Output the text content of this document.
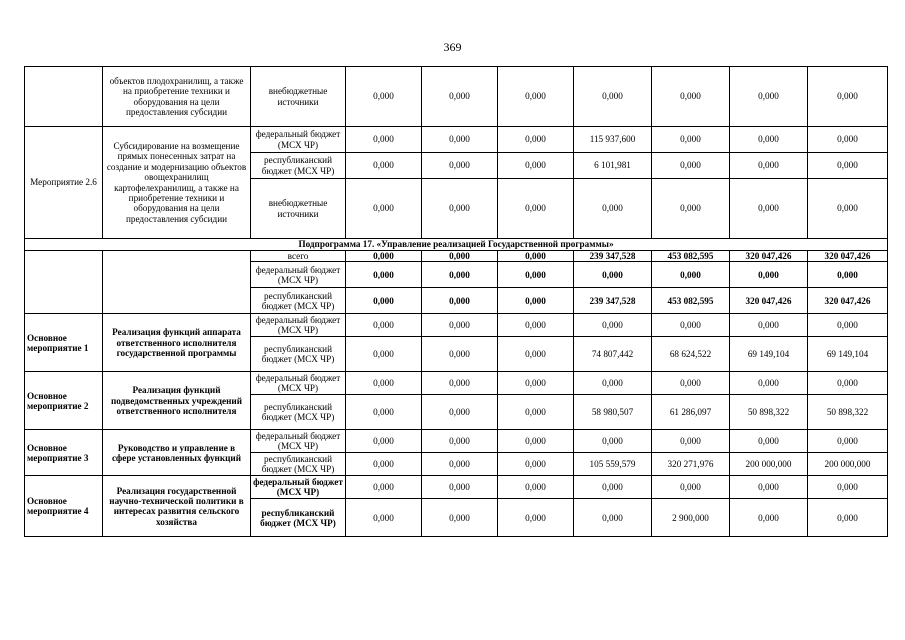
369
	объектов плодохранилищ, а также на приобретение техники и оборудования на цели предоставления субсидии	внебюджетные источники	0,000	0,000	0,000	0,000	0,000	0,000	0,000
Мероприятие 2.6	Субсидирование на возмещение прямых понесенных затрат на создание и модернизацию объектов овощехранилищ картофелехранилищ, а также на приобретение техники и оборудования на цели предоставления субсидии	федеральный бюджет (МСХ ЧР)	0,000	0,000	0,000	115 937,600	0,000	0,000	0,000
		республиканский бюджет (МСХ ЧР)	0,000	0,000	0,000	6 101,981	0,000	0,000	0,000
		внебюджетные источники	0,000	0,000	0,000	0,000	0,000	0,000	0,000
Подпрограмма 17. «Управление реализацией Государственной программы»									
		всего	0,000	0,000	0,000	239 347,528	453 082,595	320 047,426	320 047,426
		федеральный бюджет (МСХ ЧР)	0,000	0,000	0,000	0,000	0,000	0,000	0,000
		республиканский бюджет (МСХ ЧР)	0,000	0,000	0,000	239 347,528	453 082,595	320 047,426	320 047,426
Основное мероприятие 1	Реализация функций аппарата ответственного исполнителя государственной программы	федеральный бюджет (МСХ ЧР)	0,000	0,000	0,000	0,000	0,000	0,000	0,000
		республиканский бюджет (МСХ ЧР)	0,000	0,000	0,000	74 807,442	68 624,522	69 149,104	69 149,104
Основное мероприятие 2	Реализация функций подведомственных учреждений ответственного исполнителя	федеральный бюджет (МСХ ЧР)	0,000	0,000	0,000	0,000	0,000	0,000	0,000
		республиканский бюджет (МСХ ЧР)	0,000	0,000	0,000	58 980,507	61 286,097	50 898,322	50 898,322
Основное мероприятие 3	Руководство и управление в сфере установленных функций	федеральный бюджет (МСХ ЧР)	0,000	0,000	0,000	0,000	0,000	0,000	0,000
		республиканский бюджет (МСХ ЧР)	0,000	0,000	0,000	105 559,579	320 271,976	200 000,000	200 000,000
Основное мероприятие 4	Реализация государственной научно-технической политики в интересах развития сельского хозяйства	федеральный бюджет (МСХ ЧР)	0,000	0,000	0,000	0,000	0,000	0,000	0,000
		республиканский бюджет (МСХ ЧР)	0,000	0,000	0,000	0,000	2 900,000	0,000	0,000
